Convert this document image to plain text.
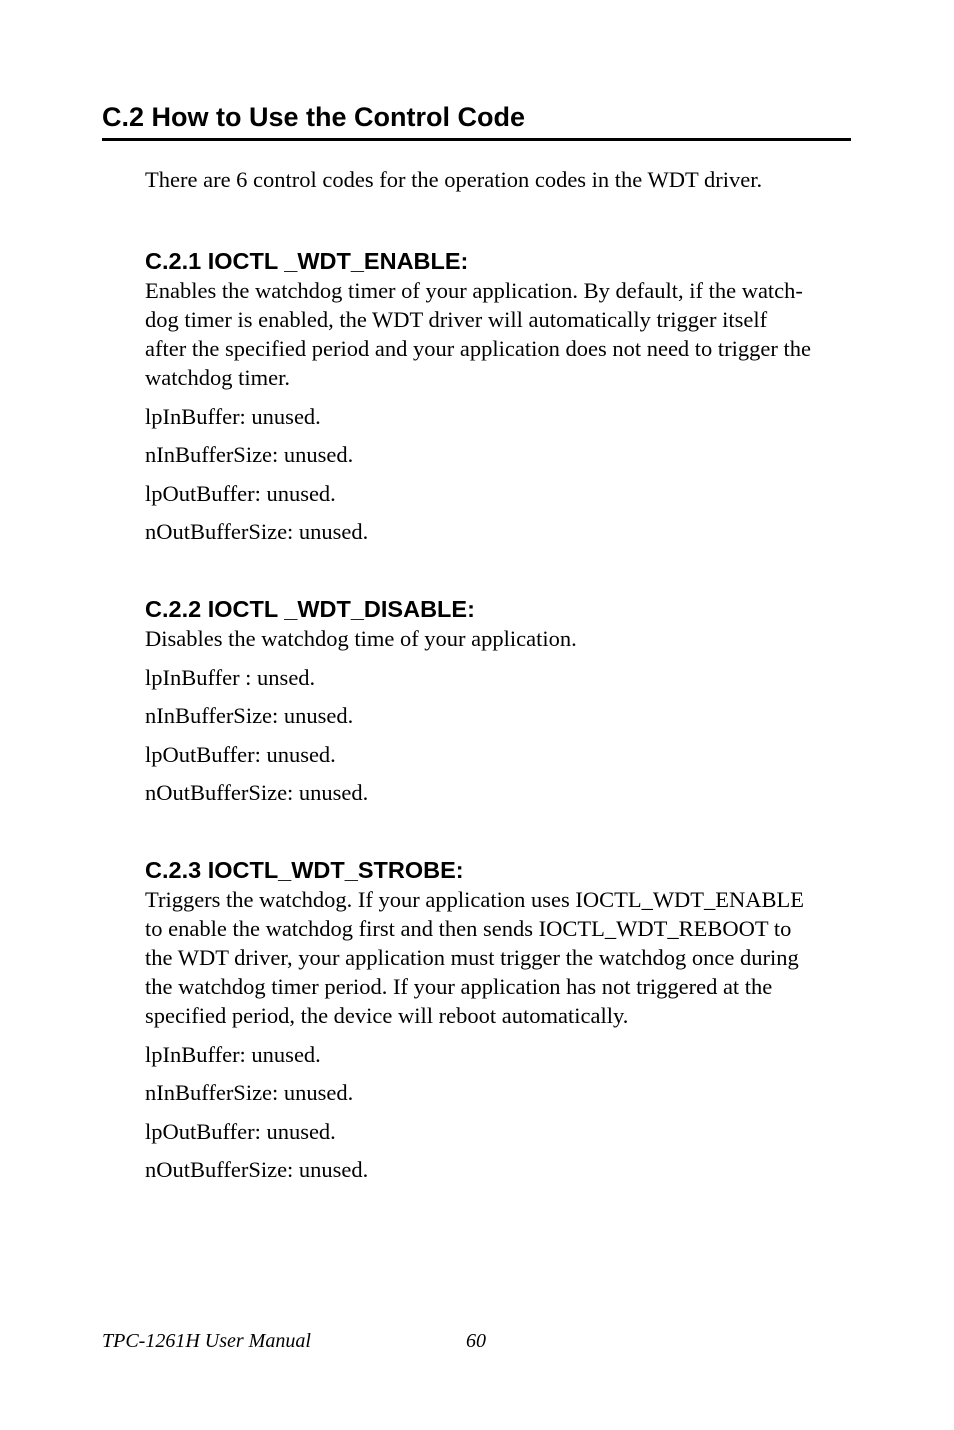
C.2 How to Use the Control Code

There are 6 control codes for the operation codes in the WDT driver.

C.2.1 IOCTL _WDT_ENABLE:

Enables the watchdog timer of your application. By default, if the watch-

dog timer is enabled, the WDT driver will automatically trigger itself

after the specified period and your application does not need to trigger the

watchdog timer.

lpInBuffer: unused.

nInBufferSize: unused.

lpOutBuffer: unused.

nOutBufferSize: unused.

C.2.2 IOCTL _WDT_DISABLE:

Disables the watchdog time of your application.

lpInBuffer : unsed.

nInBufferSize: unused.

lpOutBuffer: unused.

nOutBufferSize: unused.

C.2.3 IOCTL_WDT_STROBE:

Triggers the watchdog. If your application uses IOCTL_WDT_ENABLE

to enable the watchdog first and then sends IOCTL_WDT_REBOOT to

the WDT driver, your application must trigger the watchdog once during

the watchdog timer period. If your application has not triggered at the

specified period, the device will reboot automatically.

lpInBuffer: unused.

nInBufferSize: unused.

lpOutBuffer: unused.

nOutBufferSize: unused.

TPC-1261H User Manual	60
